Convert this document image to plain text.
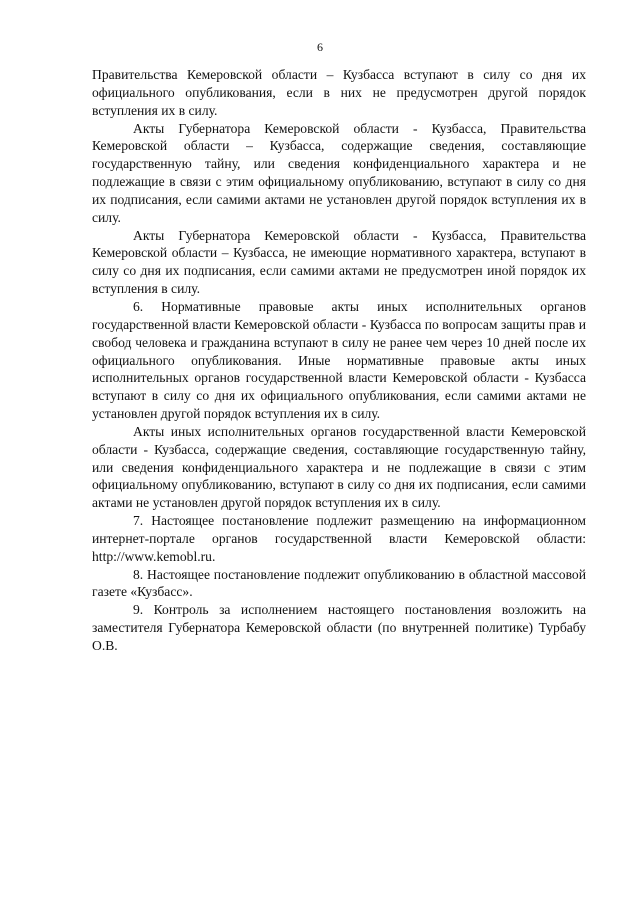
6

Правительства Кемеровской области – Кузбасса вступают в силу со дня их официального опубликования, если в них не предусмотрен другой порядок вступления их в силу.

Акты Губернатора Кемеровской области - Кузбасса, Правительства Кемеровской области – Кузбасса, содержащие сведения, составляющие государственную тайну, или сведения конфиденциального характера и не подлежащие в связи с этим официальному опубликованию, вступают в силу со дня их подписания, если самими актами не установлен другой порядок вступления их в силу.

Акты Губернатора Кемеровской области - Кузбасса, Правительства Кемеровской области – Кузбасса, не имеющие нормативного характера, вступают в силу со дня их подписания, если самими актами не предусмотрен иной порядок их вступления в силу.

6. Нормативные правовые акты иных исполнительных органов государственной власти Кемеровской области - Кузбасса по вопросам защиты прав и свобод человека и гражданина вступают в силу не ранее чем через 10 дней после их официального опубликования. Иные нормативные правовые акты иных исполнительных органов государственной власти Кемеровской области - Кузбасса вступают в силу со дня их официального опубликования, если самими актами не установлен другой порядок вступления их в силу.

Акты иных исполнительных органов государственной власти Кемеровской области - Кузбасса, содержащие сведения, составляющие государственную тайну, или сведения конфиденциального характера и не подлежащие в связи с этим официальному опубликованию, вступают в силу со дня их подписания, если самими актами не установлен другой порядок вступления их в силу.

7. Настоящее постановление подлежит размещению на информационном интернет-портале органов государственной власти Кемеровской области: http://www.kemobl.ru.

8. Настоящее постановление подлежит опубликованию в областной массовой газете «Кузбасс».

9. Контроль за исполнением настоящего постановления возложить на заместителя Губернатора Кемеровской области (по внутренней политике) Турбабу О.В.
